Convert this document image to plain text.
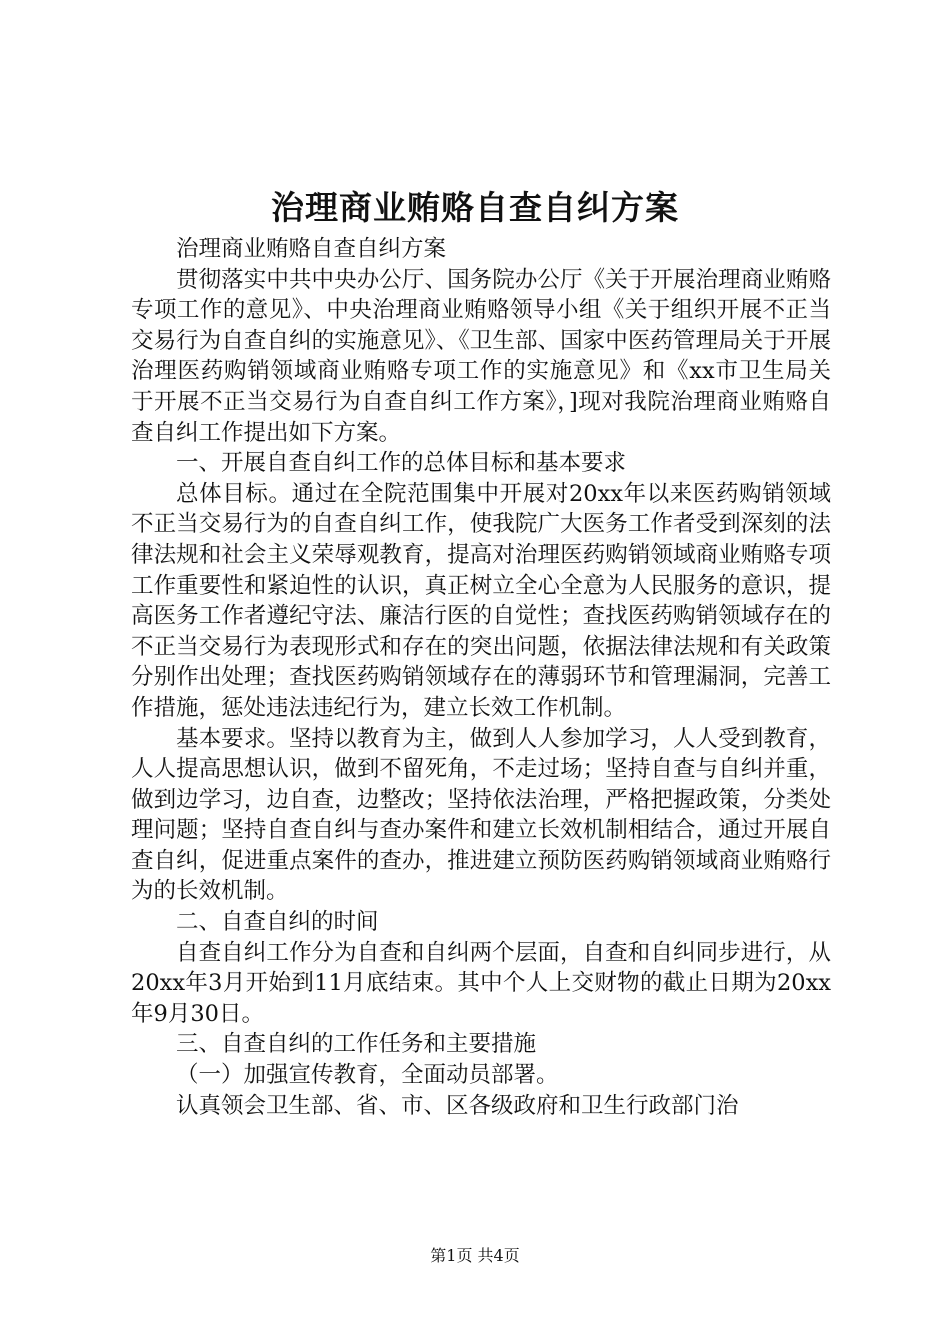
治理商业贿赂自查自纠方案

治理商业贿赂自查自纠方案

贯彻落实中共中央办公厅、国务院办公厅《关于开展治理商业贿赂专项工作的意见》、中央治理商业贿赂领导小组《关于组织开展不正当交易行为自查自纠的实施意见》、《卫生部、国家中医药管理局关于开展治理医药购销领域商业贿赂专项工作的实施意见》和《xx市卫生局关于开展不正当交易行为自查自纠工作方案》，]现对我院治理商业贿赂自查自纠工作提出如下方案。

一、开展自查自纠工作的总体目标和基本要求

总体目标。通过在全院范围集中开展对20xx年以来医药购销领域不正当交易行为的自查自纠工作，使我院广大医务工作者受到深刻的法律法规和社会主义荣辱观教育，提高对治理医药购销领域商业贿赂专项工作重要性和紧迫性的认识，真正树立全心全意为人民服务的意识，提高医务工作者遵纪守法、廉洁行医的自觉性；查找医药购销领域存在的不正当交易行为表现形式和存在的突出问题，依据法律法规和有关政策分别作出处理；查找医药购销领域存在的薄弱环节和管理漏洞，完善工作措施，惩处违法违纪行为，建立长效工作机制。

基本要求。坚持以教育为主，做到人人参加学习，人人受到教育，人人提高思想认识，做到不留死角，不走过场；坚持自查与自纠并重，做到边学习，边自查，边整改；坚持依法治理，严格把握政策，分类处理问题；坚持自查自纠与查办案件和建立长效机制相结合，通过开展自查自纠，促进重点案件的查办，推进建立预防医药购销领域商业贿赂行为的长效机制。

二、自查自纠的时间

自查自纠工作分为自查和自纠两个层面，自查和自纠同步进行，从20xx年3月开始到11月底结束。其中个人上交财物的截止日期为20xx年9月30日。

三、自查自纠的工作任务和主要措施

（一）加强宣传教育，全面动员部署。

认真领会卫生部、省、市、区各级政府和卫生行政部门治

第1页 共4页
